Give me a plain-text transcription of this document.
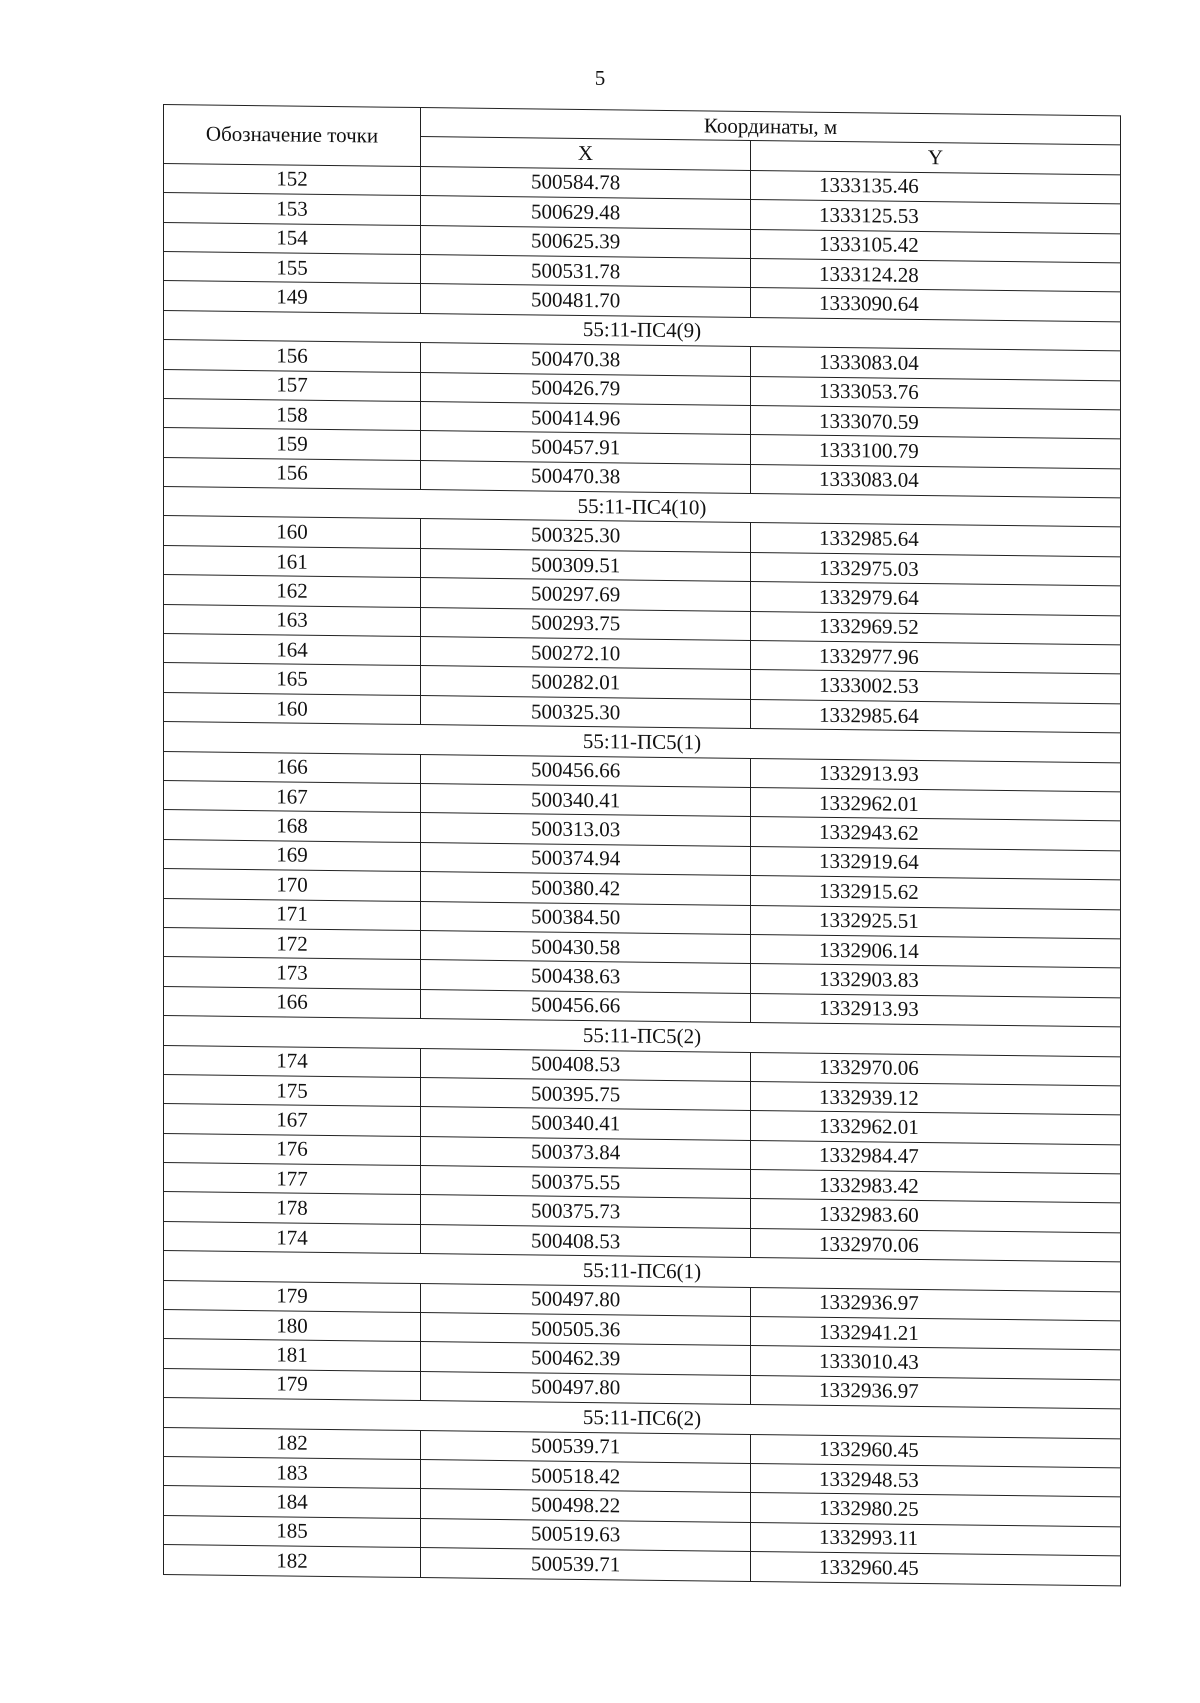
5
Обозначение точки	Координаты, м	
	X	Y
152	500584.78	1333135.46
153	500629.48	1333125.53
154	500625.39	1333105.42
155	500531.78	1333124.28
149	500481.70	1333090.64
55:11-ПС4(9)		
156	500470.38	1333083.04
157	500426.79	1333053.76
158	500414.96	1333070.59
159	500457.91	1333100.79
156	500470.38	1333083.04
55:11-ПС4(10)		
160	500325.30	1332985.64
161	500309.51	1332975.03
162	500297.69	1332979.64
163	500293.75	1332969.52
164	500272.10	1332977.96
165	500282.01	1333002.53
160	500325.30	1332985.64
55:11-ПС5(1)		
166	500456.66	1332913.93
167	500340.41	1332962.01
168	500313.03	1332943.62
169	500374.94	1332919.64
170	500380.42	1332915.62
171	500384.50	1332925.51
172	500430.58	1332906.14
173	500438.63	1332903.83
166	500456.66	1332913.93
55:11-ПС5(2)		
174	500408.53	1332970.06
175	500395.75	1332939.12
167	500340.41	1332962.01
176	500373.84	1332984.47
177	500375.55	1332983.42
178	500375.73	1332983.60
174	500408.53	1332970.06
55:11-ПС6(1)		
179	500497.80	1332936.97
180	500505.36	1332941.21
181	500462.39	1333010.43
179	500497.80	1332936.97
55:11-ПС6(2)		
182	500539.71	1332960.45
183	500518.42	1332948.53
184	500498.22	1332980.25
185	500519.63	1332993.11
182	500539.71	1332960.45
